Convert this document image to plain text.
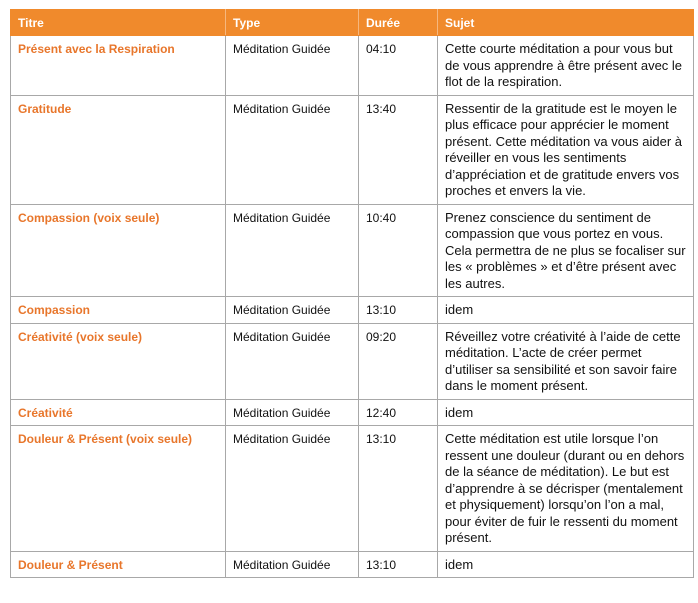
Titre	Type	Durée	Sujet
Présent avec la Respiration	Méditation Guidée	04:10	Cette courte méditation a pour vous but de vous apprendre à être présent avec le flot de la respiration.
Gratitude	Méditation Guidée	13:40	Ressentir de la gratitude est le moyen le plus efficace pour apprécier le moment présent. Cette méditation va vous aider à réveiller en vous les sentiments d’appréciation et de gratitude envers vos proches et envers la vie.
Compassion (voix seule)	Méditation Guidée	10:40	Prenez conscience du sentiment de compassion que vous portez en vous. Cela permettra de ne plus se focaliser sur les « problèmes » et d’être présent avec les autres.
Compassion	Méditation Guidée	13:10	idem
Créativité (voix seule)	Méditation Guidée	09:20	Réveillez votre créativité à l’aide de cette méditation. L’acte de créer permet d’utiliser sa sensibilité et son savoir faire dans le moment présent.
Créativité	Méditation Guidée	12:40	idem
Douleur & Présent (voix seule)	Méditation Guidée	13:10	Cette méditation est utile lorsque l’on ressent une douleur (durant ou en dehors de la séance de méditation). Le but est d’apprendre à se décrisper (mentalement et physiquement) lorsqu’on l’on a mal, pour éviter de fuir le ressenti du moment présent.
Douleur & Présent	Méditation Guidée	13:10	idem
